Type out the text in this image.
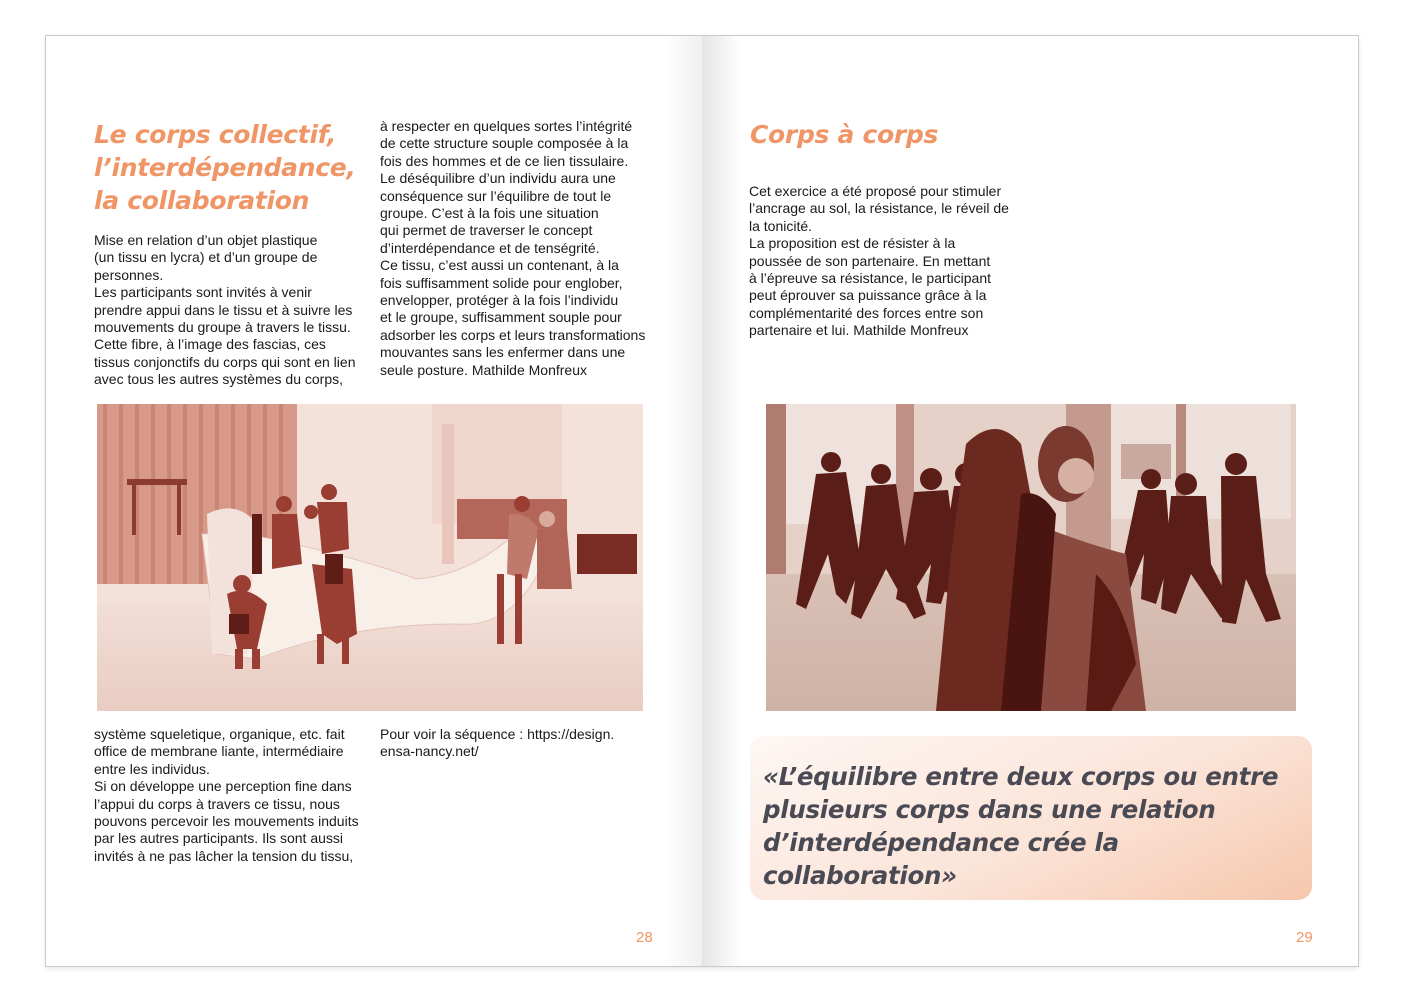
Le corps collectif, l’interdépendance, la collaboration

Mise en relation d’un objet plastique
(un tissu en lycra) et d’un groupe de
personnes.
Les participants sont invités à venir
prendre appui dans le tissu et à suivre les
mouvements du groupe à travers le tissu.
Cette fibre, à l’image des fascias, ces
tissus conjonctifs du corps qui sont en lien
avec tous les autres systèmes du corps,

à respecter en quelques sortes l’intégrité
de cette structure souple composée à la
fois des hommes et de ce lien tissulaire.
Le déséquilibre d’un individu aura une
conséquence sur l’équilibre de tout le
groupe. C’est à la fois une situation
qui permet de traverser le concept
d’interdépendance et de tenségrité.
Ce tissu, c’est aussi un contenant, à la
fois suffisamment solide pour englober,
envelopper, protéger à la fois l’individu
et le groupe, suffisamment souple pour
adsorber les corps et leurs transformations
mouvantes sans les enfermer dans une
seule posture. Mathilde Monfreux

système squeletique, organique, etc. fait
office de membrane liante, intermédiaire
entre les individus.
Si on développe une perception fine dans
l’appui du corps à travers ce tissu, nous
pouvons percevoir les mouvements induits
par les autres participants. Ils sont aussi
invités à ne pas lâcher la tension du tissu,

Pour voir la séquence : https://design.
ensa-nancy.net/

28

Corps à corps

Cet exercice a été proposé pour stimuler
l’ancrage au sol, la résistance, le réveil de
la tonicité.
La proposition est de résister à la
poussée de son partenaire. En mettant
à l’épreuve sa résistance, le participant
peut éprouver sa puissance grâce à la
complémentarité des forces entre son
partenaire et lui. Mathilde Monfreux

«L’équilibre entre deux corps ou entre plusieurs corps dans une relation d’interdépendance crée la collaboration»

29
